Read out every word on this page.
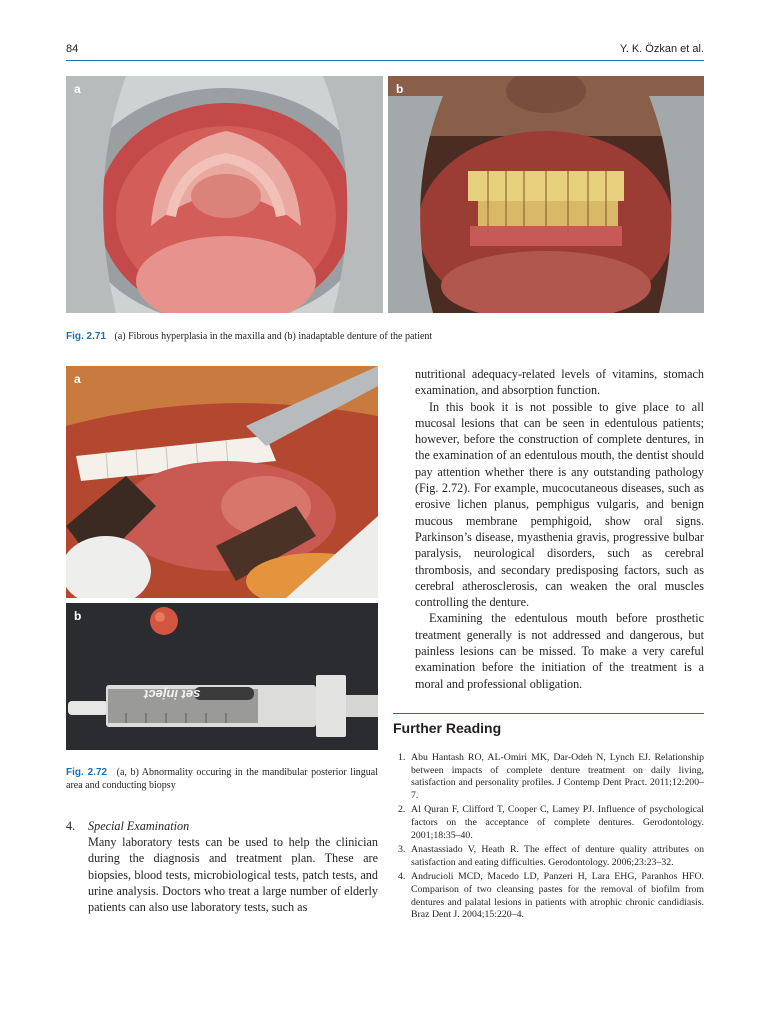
84	Y. K. Özkan et al.
a	b
Fig. 2.71 (a) Fibrous hyperplasia in the maxilla and (b) inadaptable denture of the patient
a
b
set inject
Fig. 2.72 (a, b) Abnormality occuring in the mandibular posterior lingual area and conducting biopsy

nutritional adequacy-related levels of vitamins, stomach examination, and absorption function.

In this book it is not possible to give place to all mucosal lesions that can be seen in edentulous patients; however, before the construction of complete dentures, in the examination of an edentulous mouth, the dentist should pay attention whether there is any outstanding pathology (Fig. 2.72). For example, mucocutaneous diseases, such as erosive lichen planus, pemphigus vulgaris, and benign mucous membrane pemphigoid, show oral signs. Parkinson’s disease, myasthenia gravis, progressive bulbar paralysis, neurological disorders, such as cerebral thrombosis, and secondary predisposing factors, such as cerebral atherosclerosis, can weaken the oral muscles controlling the denture.

Examining the edentulous mouth before prosthetic treatment generally is not addressed and dangerous, but painless lesions can be missed. To make a very careful examination before the initiation of the treatment is a moral and professional obligation.

Further Reading
1. Abu Hantash RO, AL-Omiri MK, Dar-Odeh N, Lynch EJ. Relationship between impacts of complete denture treatment on daily living, satisfaction and personality profiles. J Contemp Dent Pract. 2011;12:200–7.
2. Al Quran F, Clifford T, Cooper C, Lamey PJ. Influence of psychological factors on the acceptance of complete dentures. Gerodontology. 2001;18:35–40.
3. Anastassiado V, Heath R. The effect of denture quality attributes on satisfaction and eating difficulties. Gerodontology. 2006;23:23–32.
4. Andrucioli MCD, Macedo LD, Panzeri H, Lara EHG, Paranhos HFO. Comparison of two cleansing pastes for the removal of biofilm from dentures and palatal lesions in patients with atrophic chronic candidiasis. Braz Dent J. 2004;15:220–4.
4. Special Examination

Many laboratory tests can be used to help the clinician during the diagnosis and treatment plan. These are biopsies, blood tests, microbiological tests, patch tests, and urine analysis. Doctors who treat a large number of elderly patients can also use laboratory tests, such as
